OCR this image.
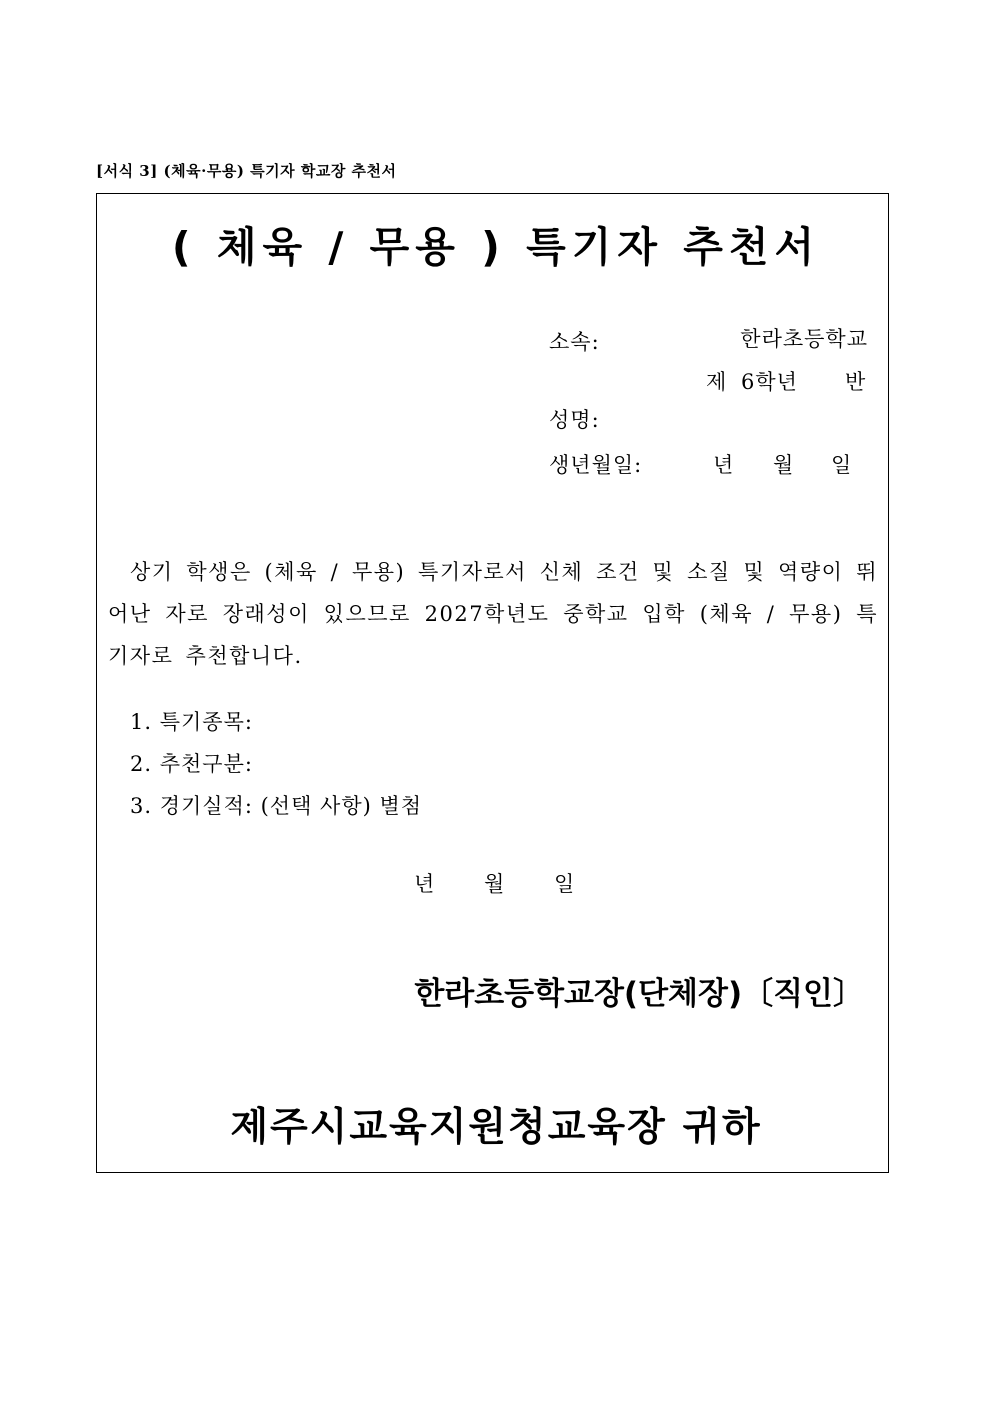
[서식 3] (체육·무용) 특기자 학교장 추천서
( 체육 / 무용 ) 특기자 추천서
소속:	한라초등학교
제 6학년 반
성명:
생년월일:	년 월 일
상기 학생은 (체육 / 무용) 특기자로서 신체 조건 및 소질 및 역량이 뛰어난 자로 장래성이 있으므로 2027학년도 중학교 입학 (체육 / 무용) 특기자로 추천합니다.
1. 특기종목:
2. 추천구분:
3. 경기실적: (선택 사항) 별첨
년 월 일
한라초등학교장(단체장)〔직인〕
제주시교육지원청교육장 귀하
